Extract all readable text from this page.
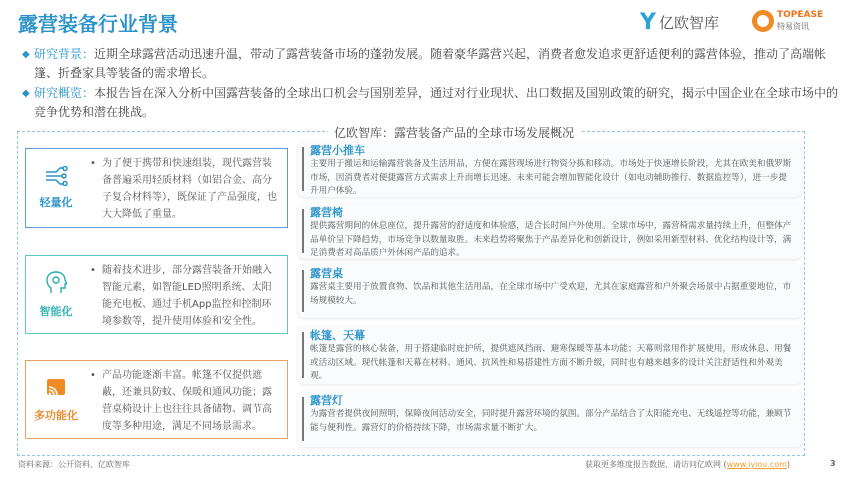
露营装备行业背景	Y 亿欧智库	TOPEASE
特易资讯
◆ 研究背景：近期全球露营活动迅速升温，带动了露营装备市场的蓬勃发展。随着豪华露营兴起，消费者愈发追求更舒适便利的露营体验，推动了高端帐篷、折叠家具等装备的需求增长。
◆ 研究概览：本报告旨在深入分析中国露营装备的全球出口机会与国别差异，通过对行业现状、出口数据及国别政策的研究，揭示中国企业在全球市场中的竞争优势和潜在挑战。
亿欧智库：露营装备产品的全球市场发展概况
轻量化
• 为了便于携带和快速组装，现代露营装备普遍采用轻质材料（如铝合金、高分子复合材料等），既保证了产品强度，也大大降低了重量。
智能化
• 随着技术进步，部分露营装备开始融入智能元素，如智能LED照明系统、太阳能充电板、通过手机App监控和控制环境参数等，提升使用体验和安全性。
多功能化
• 产品功能逐渐丰富。帐篷不仅提供遮蔽，还兼具防蚊、保暖和通风功能；露营桌椅设计上也往往具备储物、调节高度等多种用途，满足不同场景需求。
露营小推车
主要用于搬运和运输露营装备及生活用品，方便在露营现场进行物资分拣和移动。市场处于快速增长阶段，尤其在欧美和俄罗斯市场，因消费者对便捷露营方式需求上升而增长迅速。未来可能会增加智能化设计（如电动辅助推行、数据监控等），进一步提升用户体验。
露营椅
提供露营期间的休息座位，提升露营的舒适度和体验感，适合长时间户外使用。全球市场中，露营椅需求量持续上升，但整体产品单价呈下降趋势，市场竞争以数量取胜。未来趋势将聚焦于产品差异化和创新设计，例如采用新型材料、优化结构设计等，满足消费者对高品质户外休闲产品的追求。
露营桌
露营桌主要用于放置食物、饮品和其他生活用品，在全球市场中广受欢迎，尤其在家庭露营和户外聚会场景中占据重要地位，市场规模较大。
帐篷、天幕
帐篷是露营的核心装备，用于搭建临时庇护所，提供遮风挡雨、避寒保暖等基本功能；天幕则常用作扩展使用，形成休息、用餐或活动区域。现代帐篷和天幕在材料、通风、抗风性和易搭建性方面不断升级，同时也有越来越多的设计关注舒适性和外观美观。
露营灯
为露营者提供夜间照明，保障夜间活动安全，同时提升露营环境的氛围。部分产品结合了太阳能充电、无线遥控等功能，兼顾节能与便利性。露营灯的价格持续下降，市场需求量不断扩大。
资料来源：公开资料、亿欧智库	获取更多维度报告数据，请访问亿欧网 (www.iyiou.com)	3
